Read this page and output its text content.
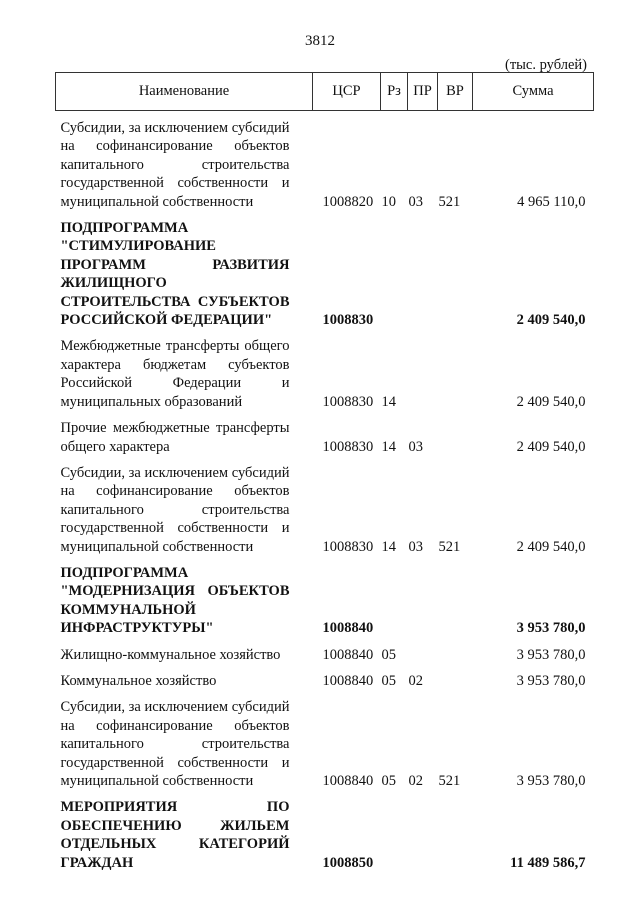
3812
(тыс. рублей)
Наименование	ЦСР	Рз	ПР	ВР	Сумма

Субсидии, за исключением субсидий на софинансирование объектов капитального строительства государственной собственности и муниципальной собственности	1008820	10	03	521	4 965 110,0

ПОДПРОГРАММА "СТИМУЛИРОВАНИЕ ПРОГРАММ РАЗВИТИЯ ЖИЛИЩНОГО СТРОИТЕЛЬСТВА СУБЪЕКТОВ РОССИЙСКОЙ ФЕДЕРАЦИИ"	1008830				2 409 540,0

Межбюджетные трансферты общего характера бюджетам субъектов Российской Федерации и муниципальных образований	1008830	14			2 409 540,0

Прочие межбюджетные трансферты общего характера	1008830	14	03		2 409 540,0

Субсидии, за исключением субсидий на софинансирование объектов капитального строительства государственной собственности и муниципальной собственности	1008830	14	03	521	2 409 540,0

ПОДПРОГРАММА "МОДЕРНИЗАЦИЯ ОБЪЕКТОВ КОММУНАЛЬНОЙ ИНФРАСТРУКТУРЫ"	1008840				3 953 780,0

Жилищно-коммунальное хозяйство	1008840	05			3 953 780,0

Коммунальное хозяйство	1008840	05	02		3 953 780,0

Субсидии, за исключением субсидий на софинансирование объектов капитального строительства государственной собственности и муниципальной собственности	1008840	05	02	521	3 953 780,0

МЕРОПРИЯТИЯ ПО ОБЕСПЕЧЕНИЮ ЖИЛЬЕМ ОТДЕЛЬНЫХ КАТЕГОРИЙ ГРАЖДАН	1008850				11 489 586,7
